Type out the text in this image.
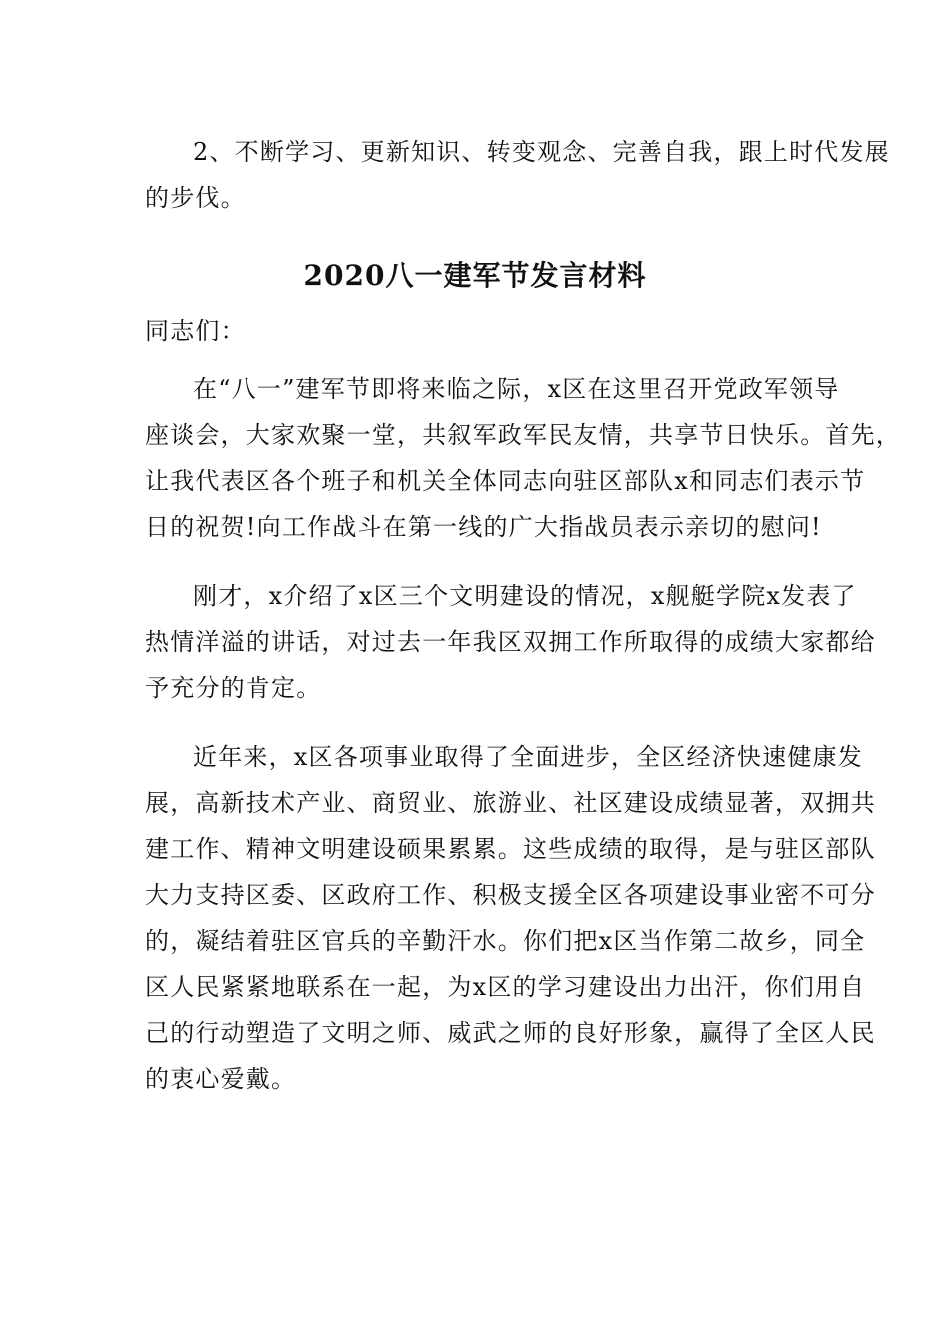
2、不断学习、更新知识、转变观念、完善自我，跟上时代发展
的步伐。
2020八一建军节发言材料
同志们：
在“八一”建军节即将来临之际，x区在这里召开党政军领导
座谈会，大家欢聚一堂，共叙军政军民友情，共享节日快乐。首先，
让我代表区各个班子和机关全体同志向驻区部队x和同志们表示节
日的祝贺!向工作战斗在第一线的广大指战员表示亲切的慰问!
刚才，x介绍了x区三个文明建设的情况，x舰艇学院x发表了
热情洋溢的讲话，对过去一年我区双拥工作所取得的成绩大家都给
予充分的肯定。
近年来，x区各项事业取得了全面进步，全区经济快速健康发
展，高新技术产业、商贸业、旅游业、社区建设成绩显著，双拥共
建工作、精神文明建设硕果累累。这些成绩的取得，是与驻区部队
大力支持区委、区政府工作、积极支援全区各项建设事业密不可分
的，凝结着驻区官兵的辛勤汗水。你们把x区当作第二故乡，同全
区人民紧紧地联系在一起，为x区的学习建设出力出汗，你们用自
己的行动塑造了文明之师、威武之师的良好形象，赢得了全区人民
的衷心爱戴。
